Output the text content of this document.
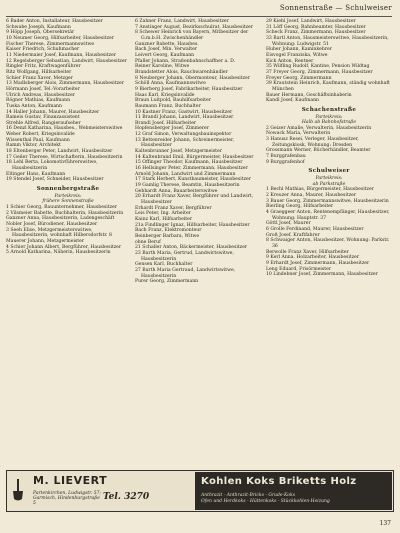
Sonnenstraße — Schulweiser
6 Bader Anton, Installateur, Hausbesitzer
Schwabe Joseph, Kaufmann
9 Höpp Joseph, Obersekretär
10 Neumer Georg, Hilfsarbeiter, Hausbesitzer
Fischer Therese, Zimmermannswitwe
Kaiser Friedrich, Schuhmacher
11 Niedermaier Josef, Kaufmann, Hausbesitzer
12 Regelsberger Sebastian, Landwirt, Hausbesitzer
Ringler Fritz, Kraftwagenführer
Ritz Wolfgang, Hilfsarbeiter
Schier Franz Xaver, Metzger
13 Madlsberger Alois, Zimmermann, Hausbesitzer
Hörmann Josef, Tel.-Vorarbeiter
Ulrich Andreas, Hausbesitzer
Rögner Mathias, Kaufmann
Tuska Anton, Kaufmann
14 Haller Johann, Maurer, Hausbesitzer
Rameis Gustav, Finanzassistent
Strehle Alfred, Rangieraufseher
16 Denzl Katharina, Hausbes., Webmeisterswitwe
Weber Robert, Kriegsinvalide
Wissenthal Paul, Kaufmann
Ramm Viktor, Architekt
18 Eltenberger Peter, Landwirt, Hausbesitzer
17 Geiler Therese, Wirtschafterin, Hausbesitzerin
18 Lehl Berta, Lokomotivführerswitwe, Hausbesitzerin
Eltinger Hans, Kaufmann
19 Stendel Josef, Schneider, Hausbesitzer
Sonnenbergstraße
Parteikreis:
frühere Sonnenstraße
1 Schier Georg, Bauunternehmer, Hausbesitzer
2 Vilsmeier Babette, Buchhalterin, Hausbesitzerin
Ganzner Anna, Hausbesitzerin, Ladengeschäft
Nobler Josef, Bürodiener, Hausbesitzer
3 Seeh Elise, Metzgermeisterswitwe, Hausbesitzerin, wohnhaft Hilbersdorfstr. 8
Mauerer Johann, Metzgermeister
4 Schier Johann Albert, Bergführer, Hausbesitzer
5 Arnold Katharina, Näherin, Hausbesitzerin
6 Zahner Franz, Landwirt, Hausbesitzer
7 Anstinger August, Bezirksschulrat, Hausbesitzer
8 Schewer Heinrich von Bayern, Mitbesitzer der G.m.b.H. Zwischenhändler
Ganzner Babette, Hausbes.
Bach Josef, Min. Verwalter
Leivert Georg, Kaufmann
Pfaller Johann, Straßenbahnschaffner a. D.
Reiner Karoline, Witwe
Brandstetter Alois, Rauchwarenhändler
8 Neuberger Johann, Obermonteur, Hausbesitzer
Schöll Anna, Kaufmannswitwe
9 Bierberg Josef, Fabrikarbeiter, Hausbesitzer
Haas Karl, Kriegsinvalide
Braun Luitpold, Bauhilfsarbeiter
Baumann Franz, Buchhalter
10 Kastner Franz, Gastwirt, Hausbesitzer
11 Brandl Johann, Landwirt, Hausbesitzer
Brandl Josef, Hilfsarbeiter
Hopfensberger Josef, Zimmerer
12 Graf Simon, Verwaltungsbauinspektor
13 Bettenreider Johann, Schreinermeister, Hausbesitzer
Kaltenbrunner Josef, Metzgermeister
14 Kaltenbrand Emil, Bürgermeister, Hausbesitzer
15 Offinger Theodor, Kaufmann, Hausbesitzer
16 Hellsinger Peter, Zimmermann, Hausbesitzer
Arnold Johann, Landwirt und Zimmermann
17 Stark Herbert, Kunstbaumeister, Hausbesitzer
19 Gamlig Therese, Beamtin, Hausbesitzerin
Gebhardt Anna, Bauarbeiterswitwe
20 Erhardt Franz Xaver, Bergführer und Landwirt, Hausbesitzer
Erhardt Franz Xaver, Bergführer
Leis Peter, Ing. Arbeiter
Kainz Karl, Hilfsarbeiter
21a Findlinger Ignaz, Hilfsarbeiter, Hausbesitzer
Bach Franz, Elektromonteur
Beinberger Barbara, Witwe
ohne Beruf
21 Schaller Anton, Bäckermeister, Hausbesitzer
23 Barth Maria, Gertrud, Landwirtswitwe, Hausbesitzerin
Gensen Karl, Buchhalter
27 Barth Maria Gertraud, Landwirtswitwe, Hausbesitzerin
Purer Georg, Zimmermann
29 Kiehl Josef, Landwirt, Hausbesitzer
31 Löff Georg, Bahnbeamter, Hausbesitzer
Scheck Franz, Zimmermann, Hausbesitzer
33 Bartl Anton, Hausmeisterswitwe, Hausbesitzerin, Wohnung: Ludwigstr. 51
Huber Johann, Kaminkehrer
Eisvogel Franziska, Witwe
Kick Anton, Rentner
35 Wilfling Rudolf, Kantine, Pension Wildtag
37 Freyer Georg, Zimmermann, Hausbesitzer
Freyer Georg, Zimmermann
39 Krautstein Heinrich, Kaufmann, ständig wohnhaft München
Bauer Hermann, Geschäftsinhaberin
Kandl Josef, Kaufmann
Schachenstraße
Parteikreis:
Halb ab Bahnhofstraße
2 Geizer Amalie, Verwalterin, Hausbesitzerin
Nowack Maria, Verwalterin
3 Hanusz Resei, Verleger, Hausbesitzer, Zeitungskiosk, Wohnung: Dresden
Grossmann Werner, Bücherhändler, Beamter
7 Burggrafenbau
9 Burggrafenhof
Schulweiser
Parteikreis:
ab Parkstraße
1 Bechl Mathias, Bürgermeister, Hausbesitzer
2 Kreuzer Anna, Maurer, Hausbesitzer
3 Bauer Georg, Zimmermannswitwe, Hausbesitzerin
Bierling Georg, Hilfsarbeiter
4 Graeggeer Anton, Rentenempfänger, Hausbesitzer, Wohnung: Hauptstr. 37
Göttl Josef, Maurer
6 Grolle Ferdinand, Maurer, Hausbesitzer
Groß Josef, Kraftfahrer
8 Schwaiger Anton, Hausbesitzer, Wohnung: Parkstr. 36
Berwolle Franz Xaver, Hilfsarbeiter
9 Kerl Anna, Holzarbeiter, Hausbesitzer
9 Erhardt Josef, Zimmermann, Hausbesitzer
Leng Eduard, Frisörmeister
10 Lindebner Josef, Zimmermann, Hausbesitzer
M. LIEVERT
Partenkirchen, Ludwigstr. 57; Garmisch, Hindenburgstraße 5
Tel. 3270
Kohlen Koks Briketts Holz
Anthrazit - Anthrazit-Bricks - Grude-Koks
Ofen und Herdkoks - Hüttenkoks - Stückkohlen-Heizung
137
